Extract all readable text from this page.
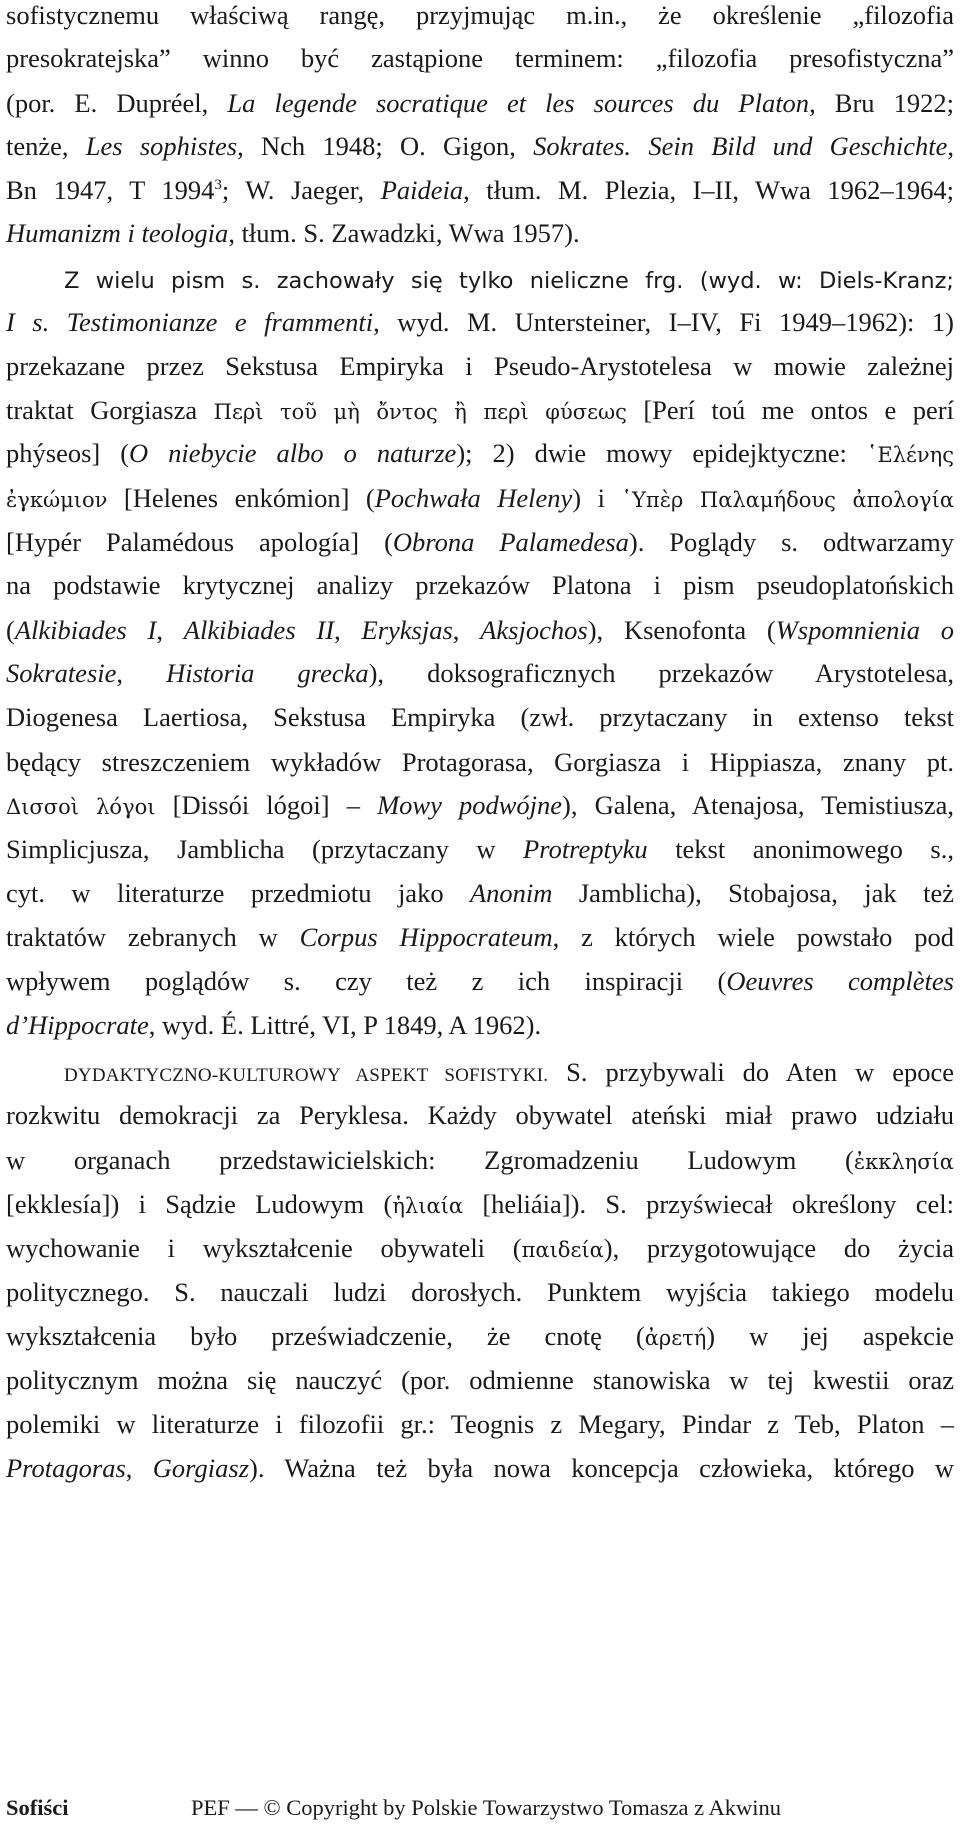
sofistycznemu właściwą rangę, przyjmując m.in., że określenie „filozofia
presokratejska” winno być zastąpione terminem: „filozofia presofistyczna”
(por. E. Dupréel, La legende socratique et les sources du Platon, Bru 1922;
tenże, Les sophistes, Nch 1948; O. Gigon, Sokrates. Sein Bild und Geschichte,
Bn 1947, T 1994$^3$; W. Jaeger, Paideia, tłum. M. Plezia, I–II, Wwa 1962–1964;
Humanizm i teologia, tłum. S. Zawadzki, Wwa 1957).
Z wielu pism s. zachowały się tylko nieliczne frg. (wyd. w: Diels-Kranz;
I s. Testimonianze e frammenti, wyd. M. Untersteiner, I–IV, Fi 1949–1962): 1)
przekazane przez Sekstusa Empiryka i Pseudo-Arystotelesa w mowie zależnej
traktat Gorgiasza Περὶ τοῦ μὴ ὄντος ἢ περὶ φύσεως [Perí toú me ontos e perí
phýseos] (O niebycie albo o naturze); 2) dwie mowy epidejktyczne: ῾Ελένης
ἐγκώμιον [Helenes enkómion] (Pochwała Heleny) i ῾Υπὲρ Παλαμήδους ἀπολογία
[Hypér Palamédous apología] (Obrona Palamedesa). Poglądy s. odtwarzamy
na podstawie krytycznej analizy przekazów Platona i pism pseudoplatońskich
(Alkibiades I, Alkibiades II, Eryksjas, Aksjochos), Ksenofonta (Wspomnienia o
Sokratesie, Historia grecka), doksograficznych przekazów Arystotelesa,
Diogenesa Laertiosa, Sekstusa Empiryka (zwł. przytaczany in extenso tekst
będący streszczeniem wykładów Protagorasa, Gorgiasza i Hippiasza, znany pt.
Δισσοὶ λόγοι [Dissói lógoi] – Mowy podwójne), Galena, Atenajosa, Temistiusza,
Simplicjusza, Jamblicha (przytaczany w Protreptyku tekst anonimowego s.,
cyt. w literaturze przedmiotu jako Anonim Jamblicha), Stobajosa, jak też
traktatów zebranych w Corpus Hippocrateum, z których wiele powstało pod
wpływem poglądów s. czy też z ich inspiracji (Oeuvres complètes
d’Hippocrate, wyd. É. Littré, VI, P 1849, A 1962).
DYDAKTYCZNO-KULTUROWY ASPEKT SOFISTYKI. S. przybywali do Aten w epoce
rozkwitu demokracji za Peryklesa. Każdy obywatel ateński miał prawo udziału
w organach przedstawicielskich: Zgromadzeniu Ludowym (ἐκκλησία
[ekklesía]) i Sądzie Ludowym (ἡλιαία [heliáia]). S. przyświecał określony cel:
wychowanie i wykształcenie obywateli (παιδεία), przygotowujące do życia
politycznego. S. nauczali ludzi dorosłych. Punktem wyjścia takiego modelu
wykształcenia było przeświadczenie, że cnotę (ἀρετή) w jej aspekcie
politycznym można się nauczyć (por. odmienne stanowiska w tej kwestii oraz
polemiki w literaturze i filozofii gr.: Teognis z Megary, Pindar z Teb, Platon –
Protagoras, Gorgiasz). Ważna też była nowa koncepcja człowieka, którego w
Sofiści	PEF — © Copyright by Polskie Towarzystwo Tomasza z Akwinu
